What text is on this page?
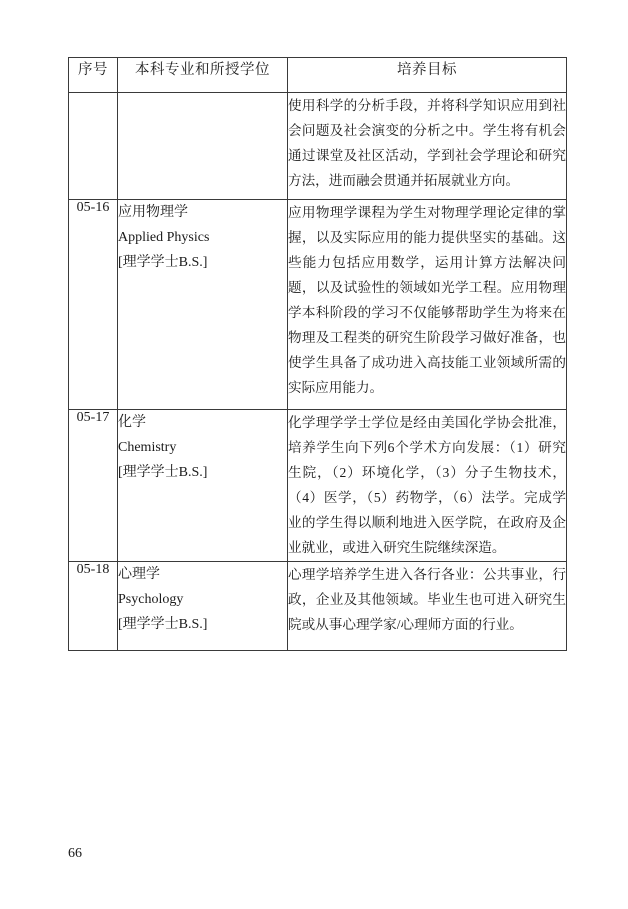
序号	本科专业和所授学位	培养目标

		使用科学的分析手段，并将科学知识应用到社会问题及社会演变的分析之中。学生将有机会通过课堂及社区活动，学到社会学理论和研究方法，进而融会贯通并拓展就业方向。

05-16	应用物理学
Applied Physics
[理学学士B.S.]	应用物理学课程为学生对物理学理论定律的掌握，以及实际应用的能力提供坚实的基础。这些能力包括应用数学，运用计算方法解决问题，以及试验性的领域如光学工程。应用物理学本科阶段的学习不仅能够帮助学生为将来在物理及工程类的研究生阶段学习做好准备，也使学生具备了成功进入高技能工业领域所需的实际应用能力。

05-17	化学
Chemistry
[理学学士B.S.]	化学理学学士学位是经由美国化学协会批准，培养学生向下列6个学术方向发展：（1）研究生院，（2）环境化学，（3）分子生物技术，（4）医学，（5）药物学，（6）法学。完成学业的学生得以顺利地进入医学院，在政府及企业就业，或进入研究生院继续深造。

05-18	心理学
Psychology
[理学学士B.S.]	心理学培养学生进入各行各业：公共事业，行政，企业及其他领域。毕业生也可进入研究生院或从事心理学家/心理师方面的行业。

66
